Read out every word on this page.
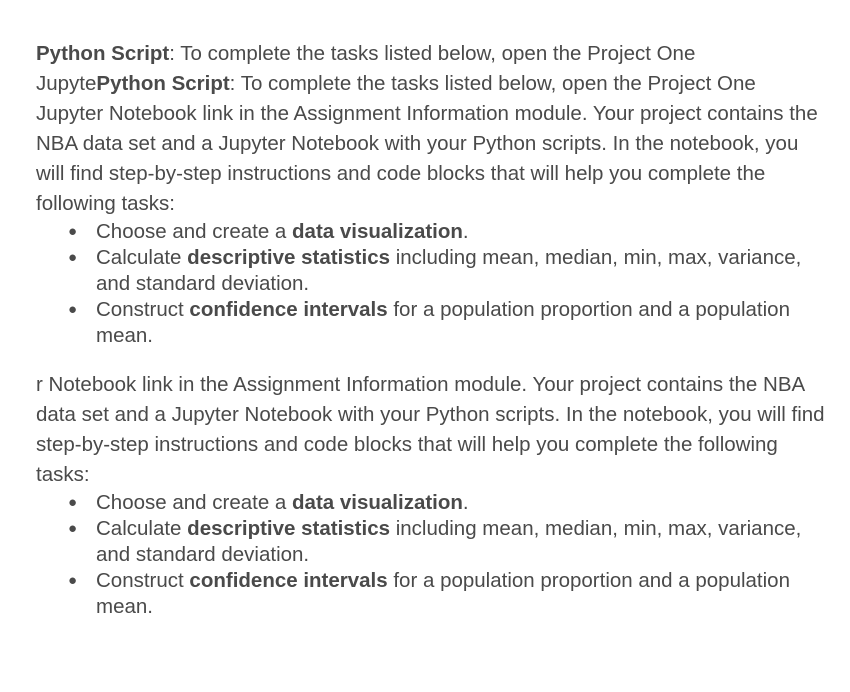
Python Script: To complete the tasks listed below, open the Project One JupytePython Script: To complete the tasks listed below, open the Project One Jupyter Notebook link in the Assignment Information module. Your project contains the NBA data set and a Jupyter Notebook with your Python scripts. In the notebook, you will find step-by-step instructions and code blocks that will help you complete the following tasks:

● Choose and create a data visualization.
● Calculate descriptive statistics including mean, median, min, max, variance, and standard deviation.
● Construct confidence intervals for a population proportion and a population mean.

r Notebook link in the Assignment Information module. Your project contains the NBA data set and a Jupyter Notebook with your Python scripts. In the notebook, you will find step-by-step instructions and code blocks that will help you complete the following tasks:

● Choose and create a data visualization.
● Calculate descriptive statistics including mean, median, min, max, variance, and standard deviation.
● Construct confidence intervals for a population proportion and a population mean.
